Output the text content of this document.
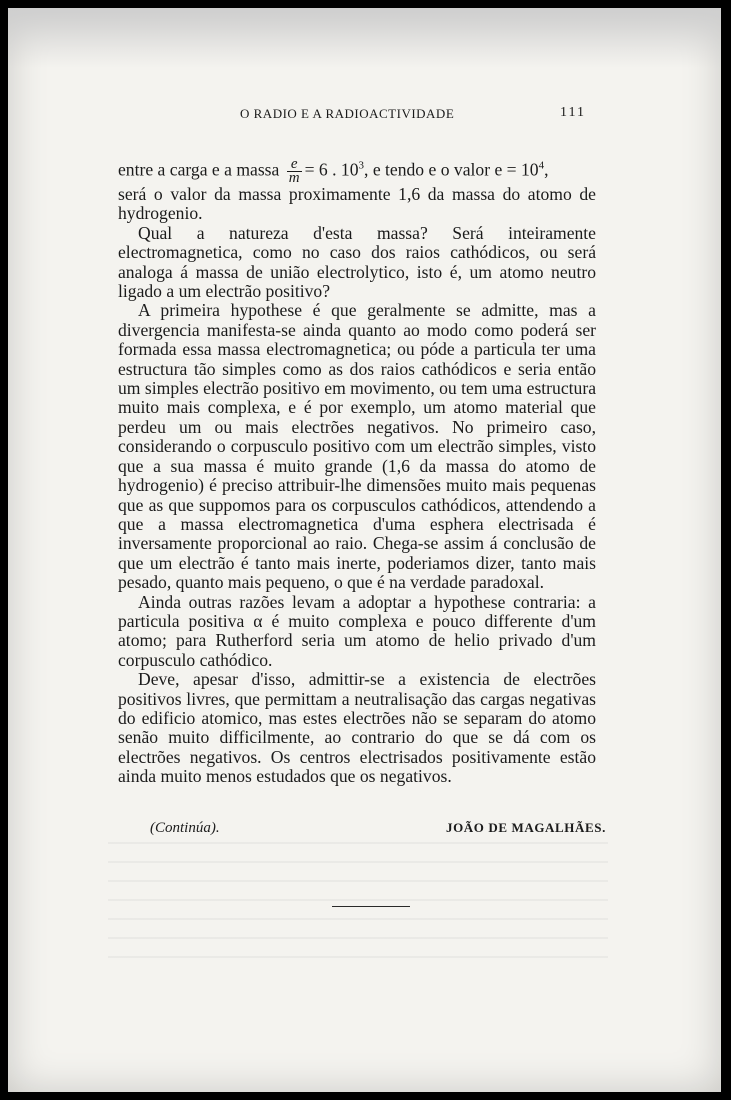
O RADIO E A RADIOACTIVIDADE	111

entre a carga e a massa $\frac{e}{m} = 6$ . $10^3$, e tendo e o valor $e = 10^4$,

será o valor da massa proximamente 1,6 da massa do atomo de hydrogenio.

Qual a natureza d'esta massa? Será inteiramente electromagnetica, como no caso dos raios cathódicos, ou será analoga á massa de união electrolytico, isto é, um atomo neutro ligado a um electrão positivo?

A primeira hypothese é que geralmente se admitte, mas a divergencia manifesta-se ainda quanto ao modo como poderá ser formada essa massa electromagnetica; ou póde a particula ter uma estructura tão simples como as dos raios cathódicos e seria então um simples electrão positivo em movimento, ou tem uma estructura muito mais complexa, e é por exemplo, um atomo material que perdeu um ou mais electrões negativos. No primeiro caso, considerando o corpusculo positivo com um electrão simples, visto que a sua massa é muito grande (1,6 da massa do atomo de hydrogenio) é preciso attribuir-lhe dimensões muito mais pequenas que as que suppomos para os corpusculos cathódicos, attendendo a que a massa electromagnetica d'uma esphera electrisada é inversamente proporcional ao raio. Chega-se assim á conclusão de que um electrão é tanto mais inerte, poderiamos dizer, tanto mais pesado, quanto mais pequeno, o que é na verdade paradoxal.

Ainda outras razões levam a adoptar a hypothese contraria: a particula positiva α é muito complexa e pouco differente d'um atomo; para Rutherford seria um atomo de helio privado d'um corpusculo cathódico.

Deve, apesar d'isso, admittir-se a existencia de electrões positivos livres, que permittam a neutralisação das cargas negativas do edificio atomico, mas estes electrões não se separam do atomo senão muito difficilmente, ao contrario do que se dá com os electrões negativos. Os centros electrisados positivamente estão ainda muito menos estudados que os negativos.

(Continúa).	JOÃO DE MAGALHÃES.
